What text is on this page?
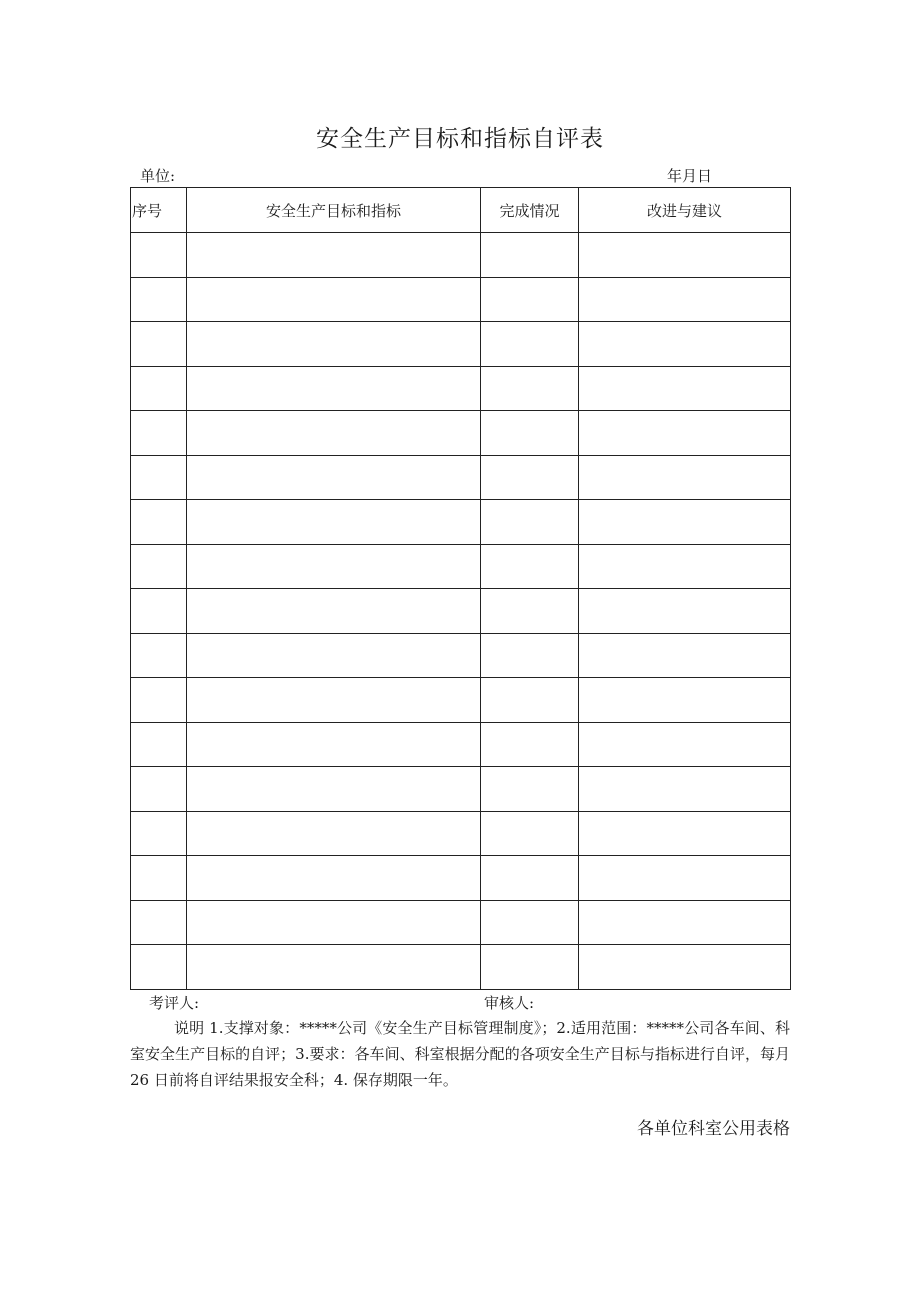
安全生产目标和指标自评表
单位:	年月日
序号	安全生产目标和指标	完成情况	改进与建议

考评人:	审核人:
说明 1.支撑对象：*****公司《安全生产目标管理制度》；2.适用范围：*****公司各车间、科室安全生产目标的自评；3.要求：各车间、科室根据分配的各项安全生产目标与指标进行自评，每月 26 日前将自评结果报安全科；4. 保存期限一年。
各单位科室公用表格
